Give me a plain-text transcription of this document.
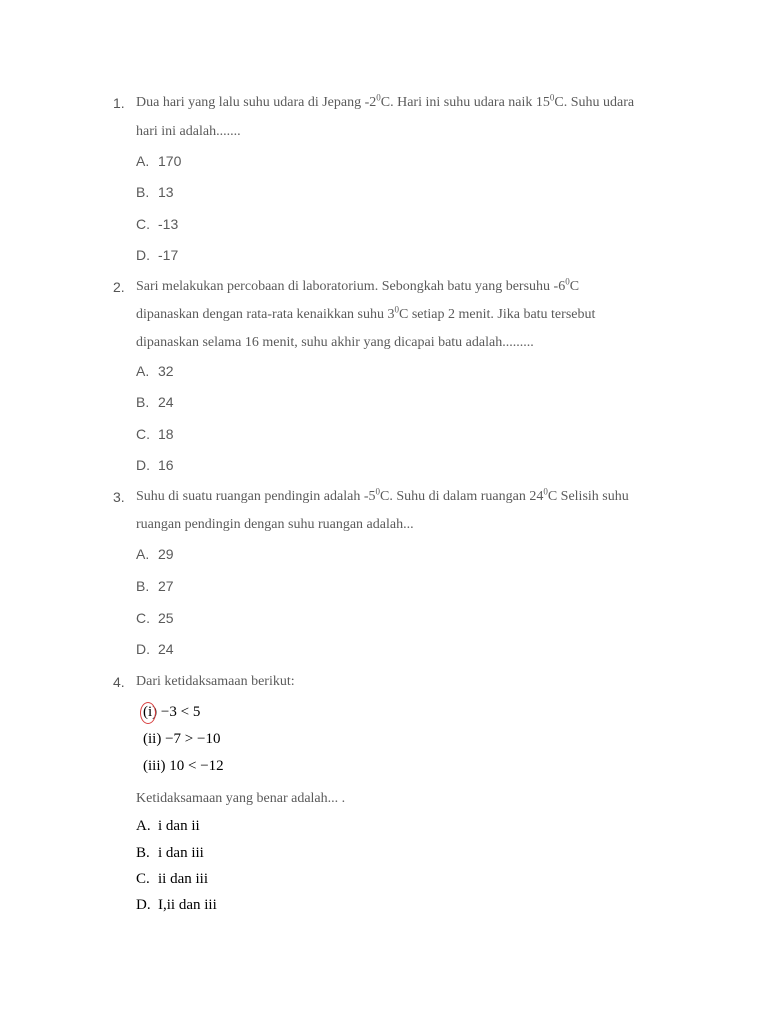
1. Dua hari yang lalu suhu udara di Jepang $-2^0C$. Hari ini suhu udara naik $15^0C$. Suhu udara
hari ini adalah.......
A. 170
B. 13
C. -13
D. -17
2. Sari melakukan percobaan di laboratorium. Sebongkah batu yang bersuhu $-6^0C$
dipanaskan dengan rata-rata kenaikkan suhu $3^0C$ setiap 2 menit. Jika batu tersebut
dipanaskan selama 16 menit, suhu akhir yang dicapai batu adalah.........
A. 32
B. 24
C. 18
D. 16
3. Suhu di suatu ruangan pendingin adalah $-5^0C$. Suhu di dalam ruangan $24^0C$ Selisih suhu
ruangan pendingin dengan suhu ruangan adalah...
A. 29
B. 27
C. 25
D. 24
4. Dari ketidaksamaan berikut:
(i) −3 < 5
(ii) −7 > −10
(iii) 10 < −12
Ketidaksamaan yang benar adalah... .
A. i dan ii
B. i dan iii
C. ii dan iii
D. I,ii dan iii
